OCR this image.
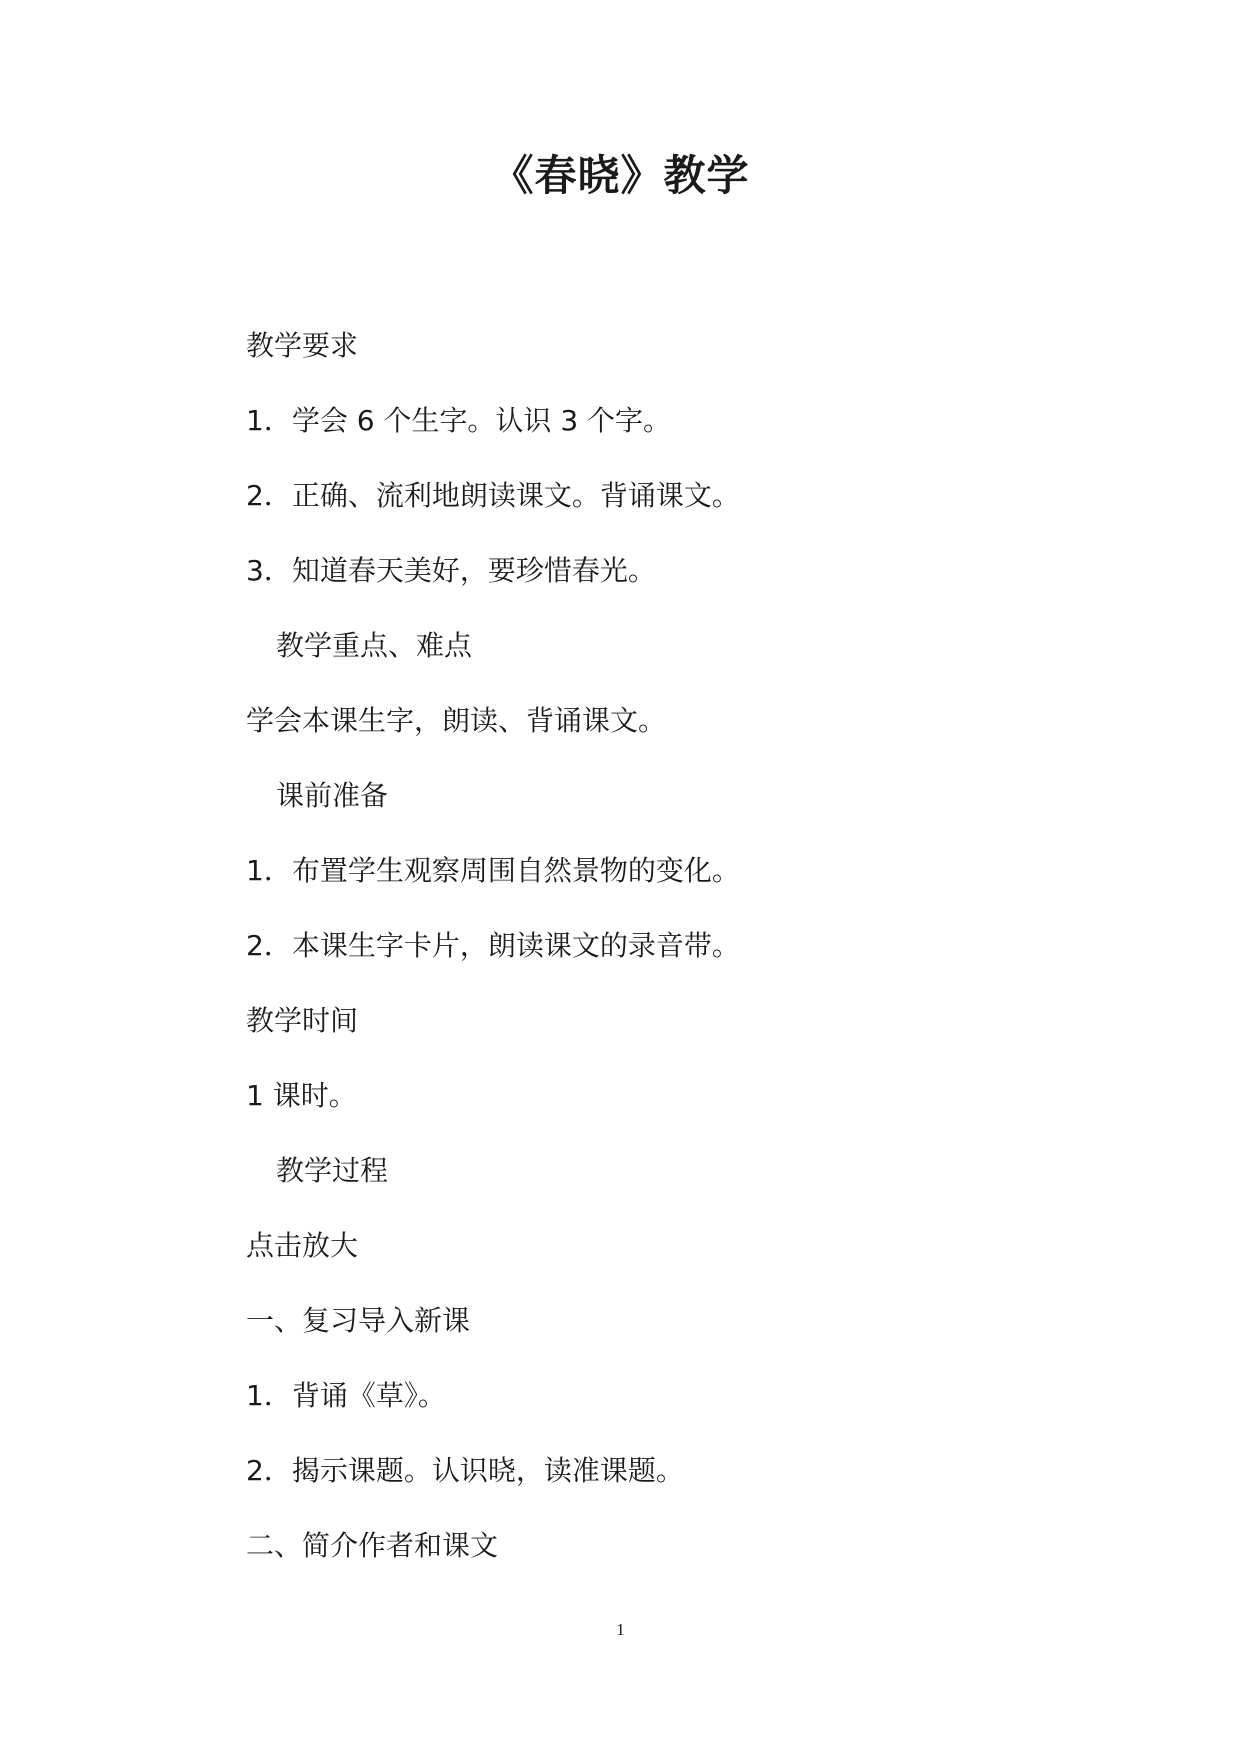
《春晓》教学

教学要求

1．学会 6 个生字。认识 3 个字。

2．正确、流利地朗读课文。背诵课文。

3．知道春天美好，要珍惜春光。

教学重点、难点

学会本课生字，朗读、背诵课文。

课前准备

1．布置学生观察周围自然景物的变化。

2．本课生字卡片，朗读课文的录音带。

教学时间

1 课时。

教学过程

点击放大

一、复习导入新课

1．背诵《草》。

2．揭示课题。认识晓，读准课题。

二、简介作者和课文

1
